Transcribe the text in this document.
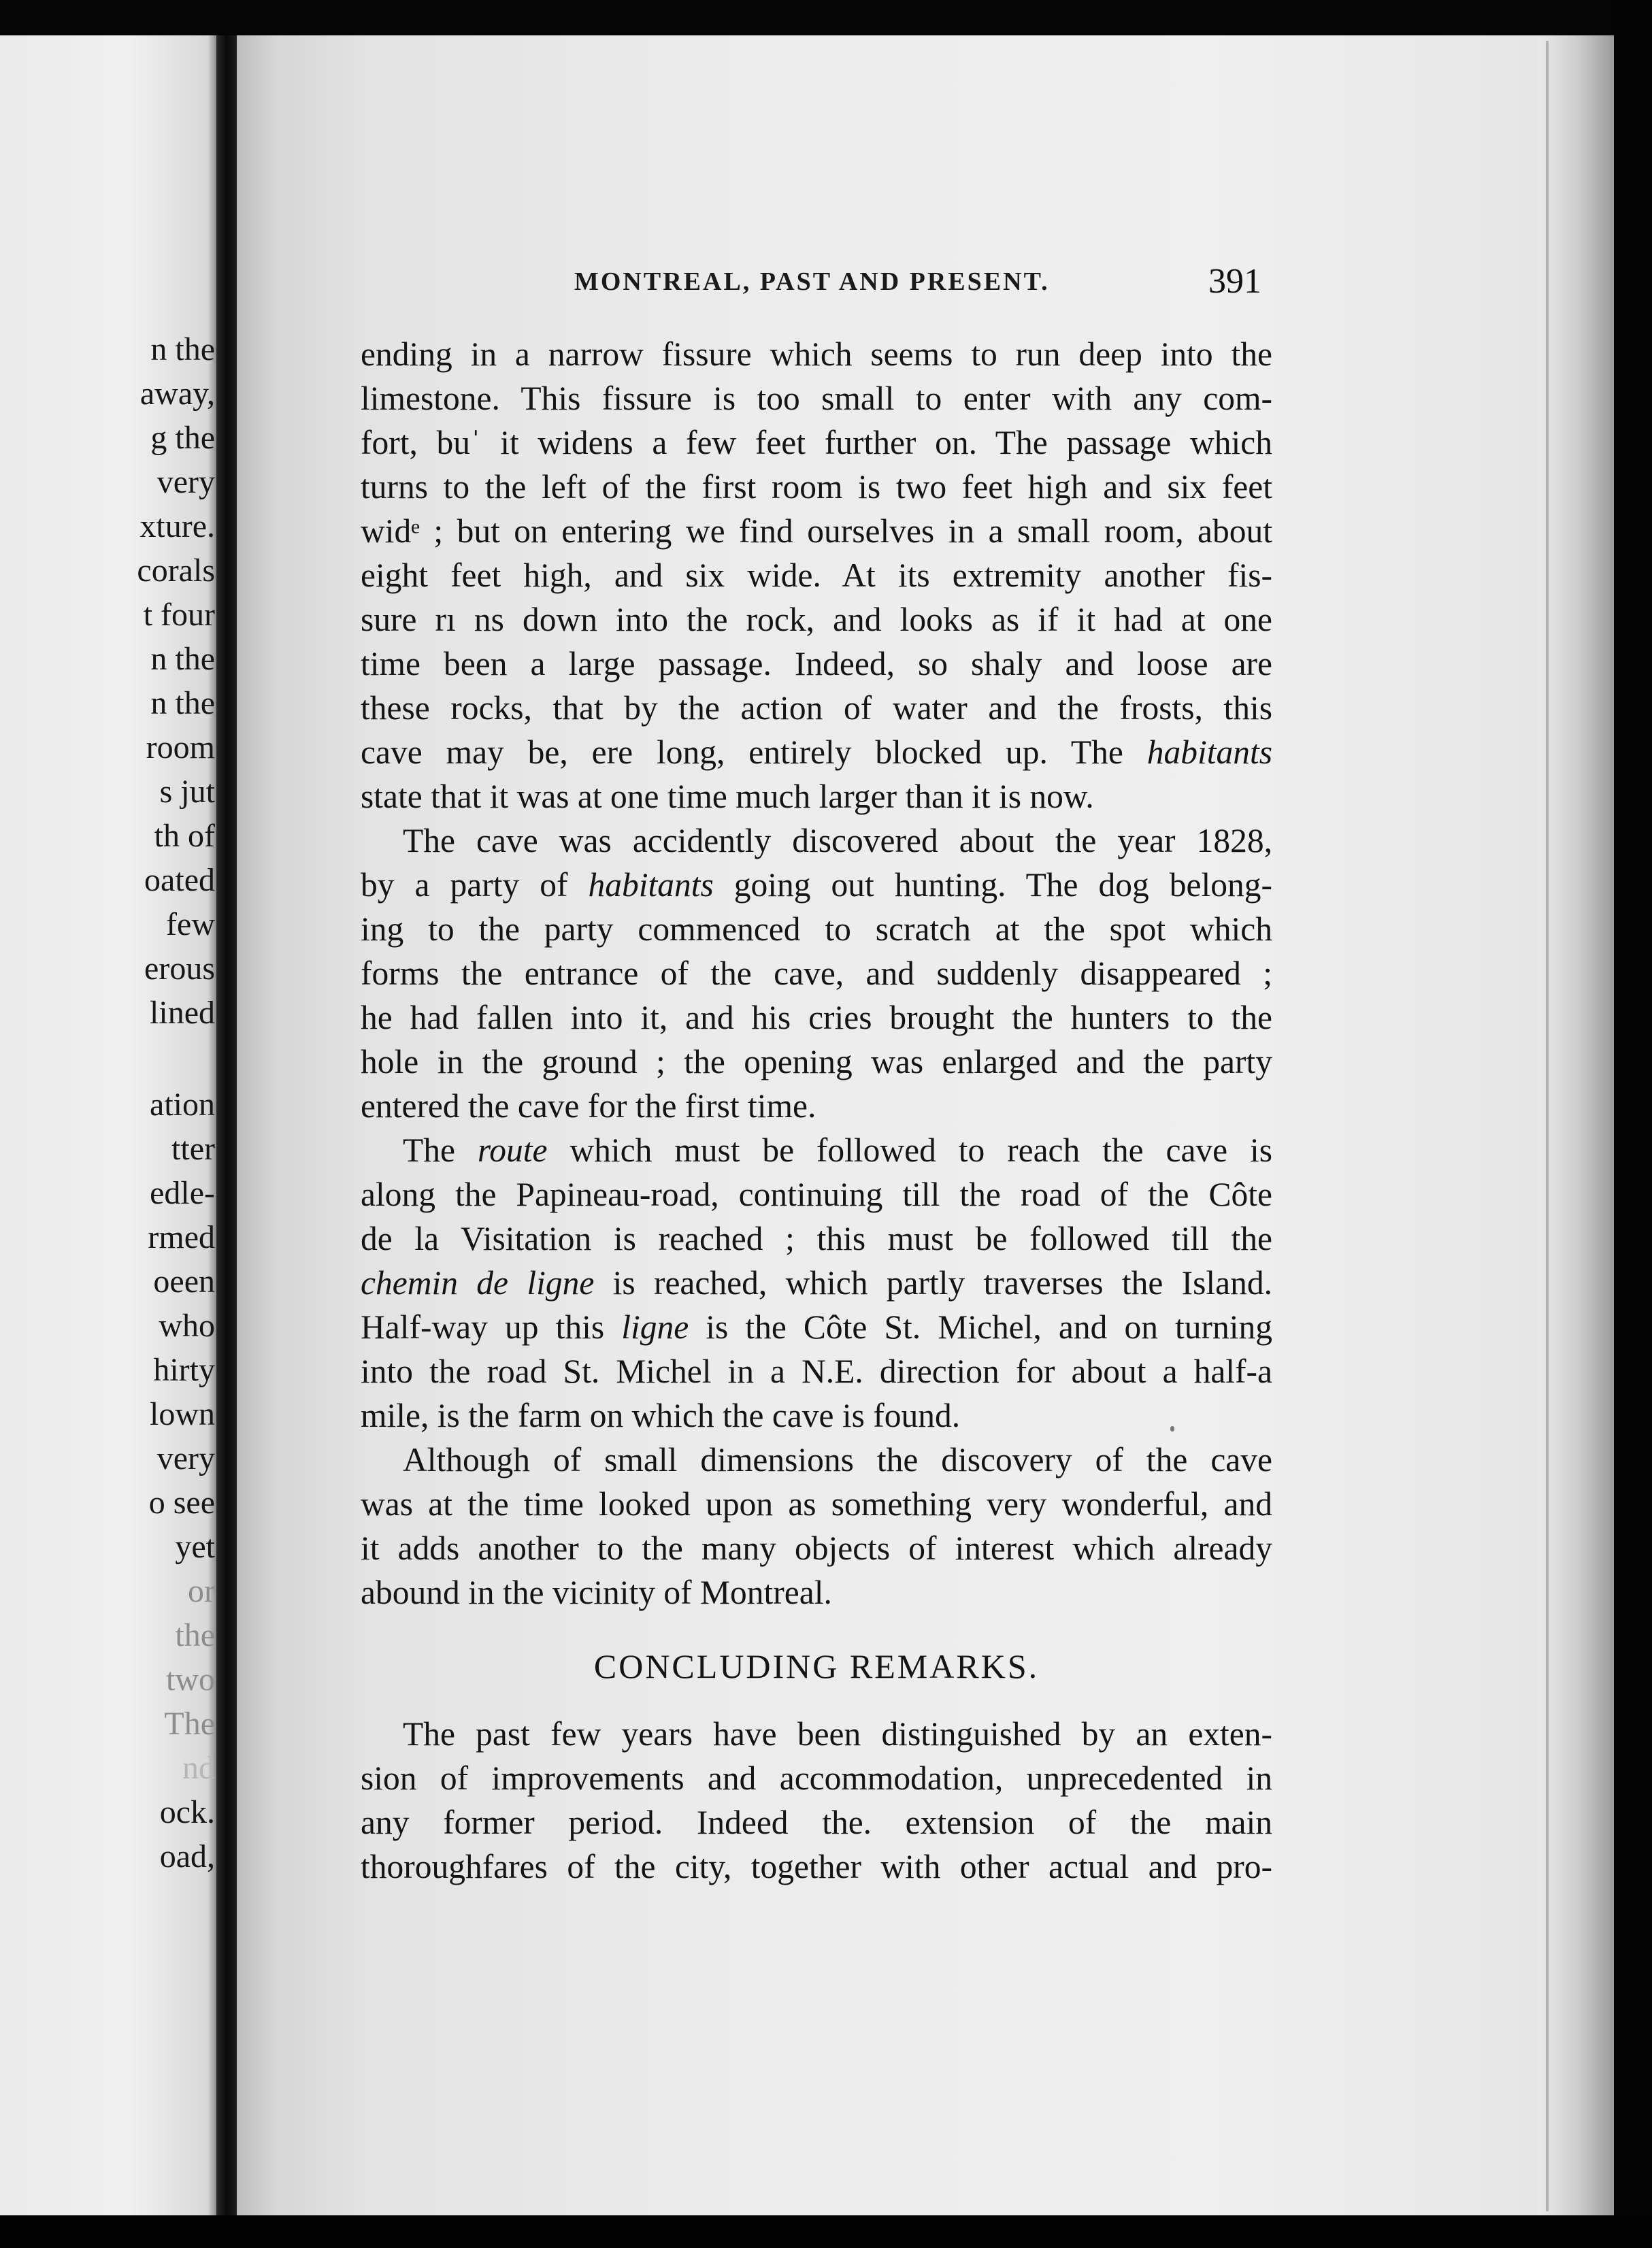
n the
away,
g the
very
xture.
corals
t four
n the
n the
room
s jut
th of
oated
few
erous
lined
ation
tter
edle-
rmed
oeen
who
hirty
lown
very
o see
yet
or
the
two
The
nd
ock.
oad,
MONTREAL, PAST AND PRESENT.	391
ending in a narrow fissure which seems to run deep into the
limestone. This fissure is too small to enter with any com-
fort, buˈ it widens a few feet further on. The passage which
turns to the left of the first room is two feet high and six feet
widᵉ ; but on entering we find ourselves in a small room, about
eight feet high, and six wide. At its extremity another fis-
sure rı ns down into the rock, and looks as if it had at one
time been a large passage. Indeed, so shaly and loose are
these rocks, that by the action of water and the frosts, this
cave may be, ere long, entirely blocked up. The habitants
state that it was at one time much larger than it is now.
The cave was accidently discovered about the year 1828,
by a party of habitants going out hunting. The dog belong-
ing to the party commenced to scratch at the spot which
forms the entrance of the cave, and suddenly disappeared ;
he had fallen into it, and his cries brought the hunters to the
hole in the ground ; the opening was enlarged and the party
entered the cave for the first time.
The route which must be followed to reach the cave is
along the Papineau-road, continuing till the road of the Côte
de la Visitation is reached ; this must be followed till the
chemin de ligne is reached, which partly traverses the Island.
Half-way up this ligne is the Côte St. Michel, and on turning
into the road St. Michel in a N.E. direction for about a half-a
mile, is the farm on which the cave is found.
Although of small dimensions the discovery of the cave
was at the time looked upon as something very wonderful, and
it adds another to the many objects of interest which already
abound in the vicinity of Montreal.
CONCLUDING REMARKS.
The past few years have been distinguished by an exten-
sion of improvements and accommodation, unprecedented in
any former period. Indeed the. extension of the main
thoroughfares of the city, together with other actual and pro-
